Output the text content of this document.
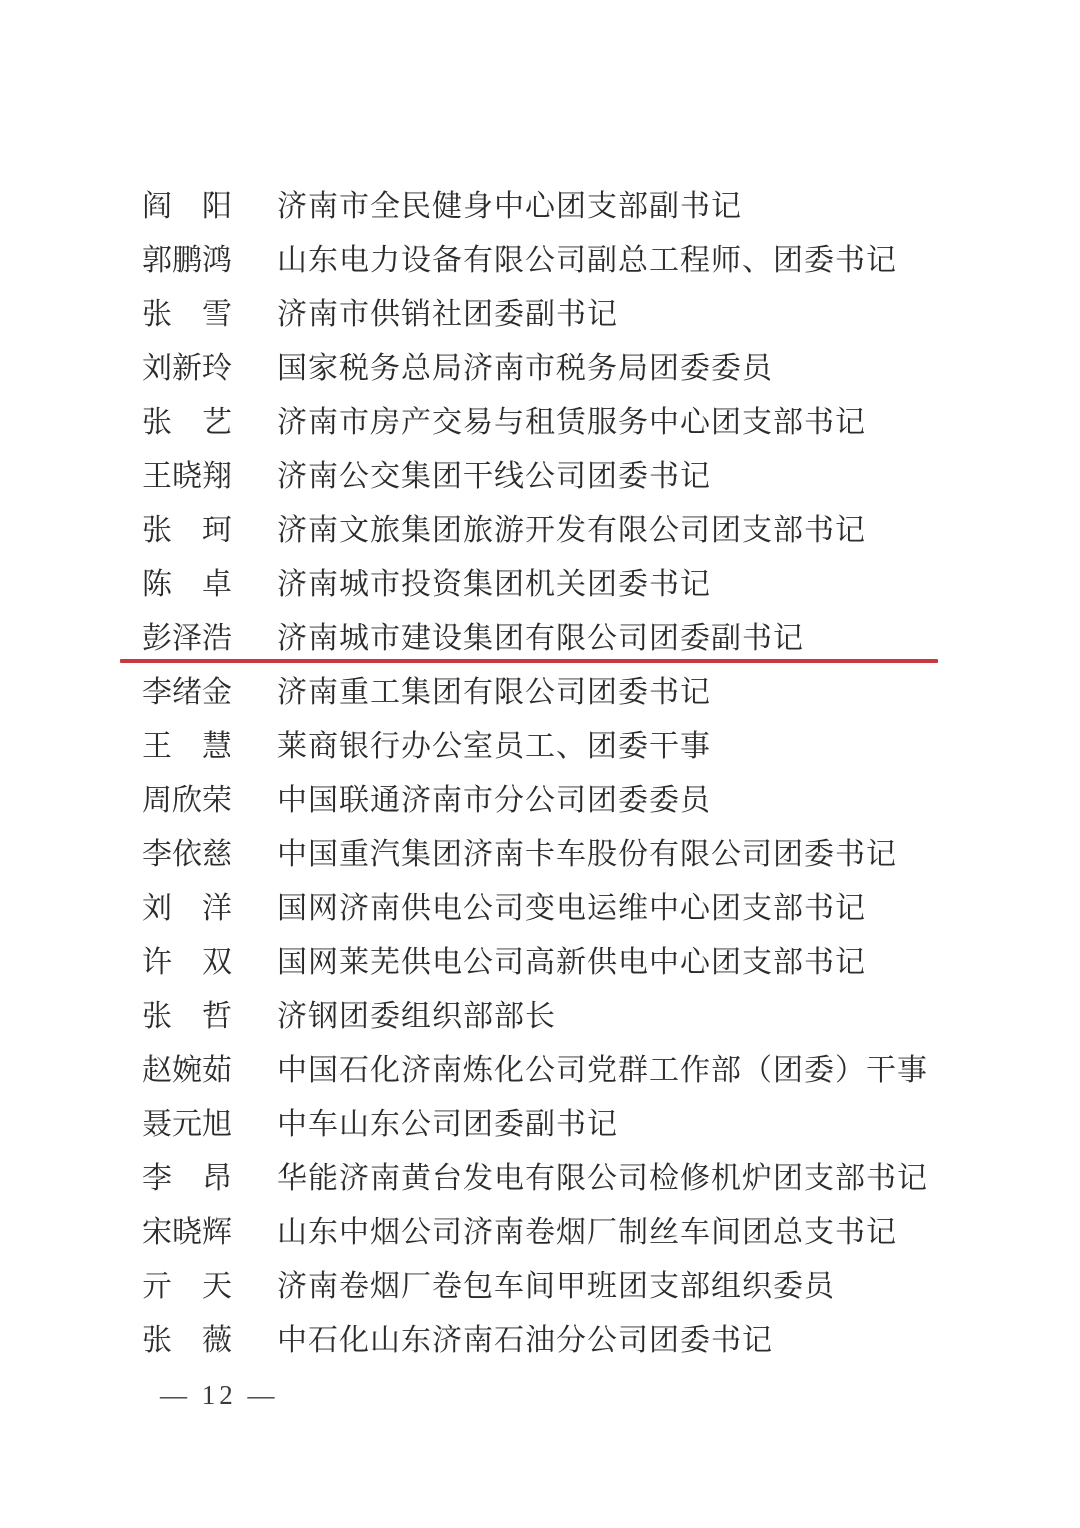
阎阳 济南市全民健身中心团支部副书记
郭鹏鸿 山东电力设备有限公司副总工程师、团委书记
张雪 济南市供销社团委副书记
刘新玲 国家税务总局济南市税务局团委委员
张艺 济南市房产交易与租赁服务中心团支部书记
王晓翔 济南公交集团干线公司团委书记
张珂 济南文旅集团旅游开发有限公司团支部书记
陈卓 济南城市投资集团机关团委书记
彭泽浩 济南城市建设集团有限公司团委副书记
李绪金 济南重工集团有限公司团委书记
王慧 莱商银行办公室员工、团委干事
周欣荣 中国联通济南市分公司团委委员
李依慈 中国重汽集团济南卡车股份有限公司团委书记
刘洋 国网济南供电公司变电运维中心团支部书记
许双 国网莱芜供电公司高新供电中心团支部书记
张哲 济钢团委组织部部长
赵婉茹 中国石化济南炼化公司党群工作部（团委）干事
聂元旭 中车山东公司团委副书记
李昂 华能济南黄台发电有限公司检修机炉团支部书记
宋晓辉 山东中烟公司济南卷烟厂制丝车间团总支书记
亓天 济南卷烟厂卷包车间甲班团支部组织委员
张薇 中石化山东济南石油分公司团委书记
— 12 —
